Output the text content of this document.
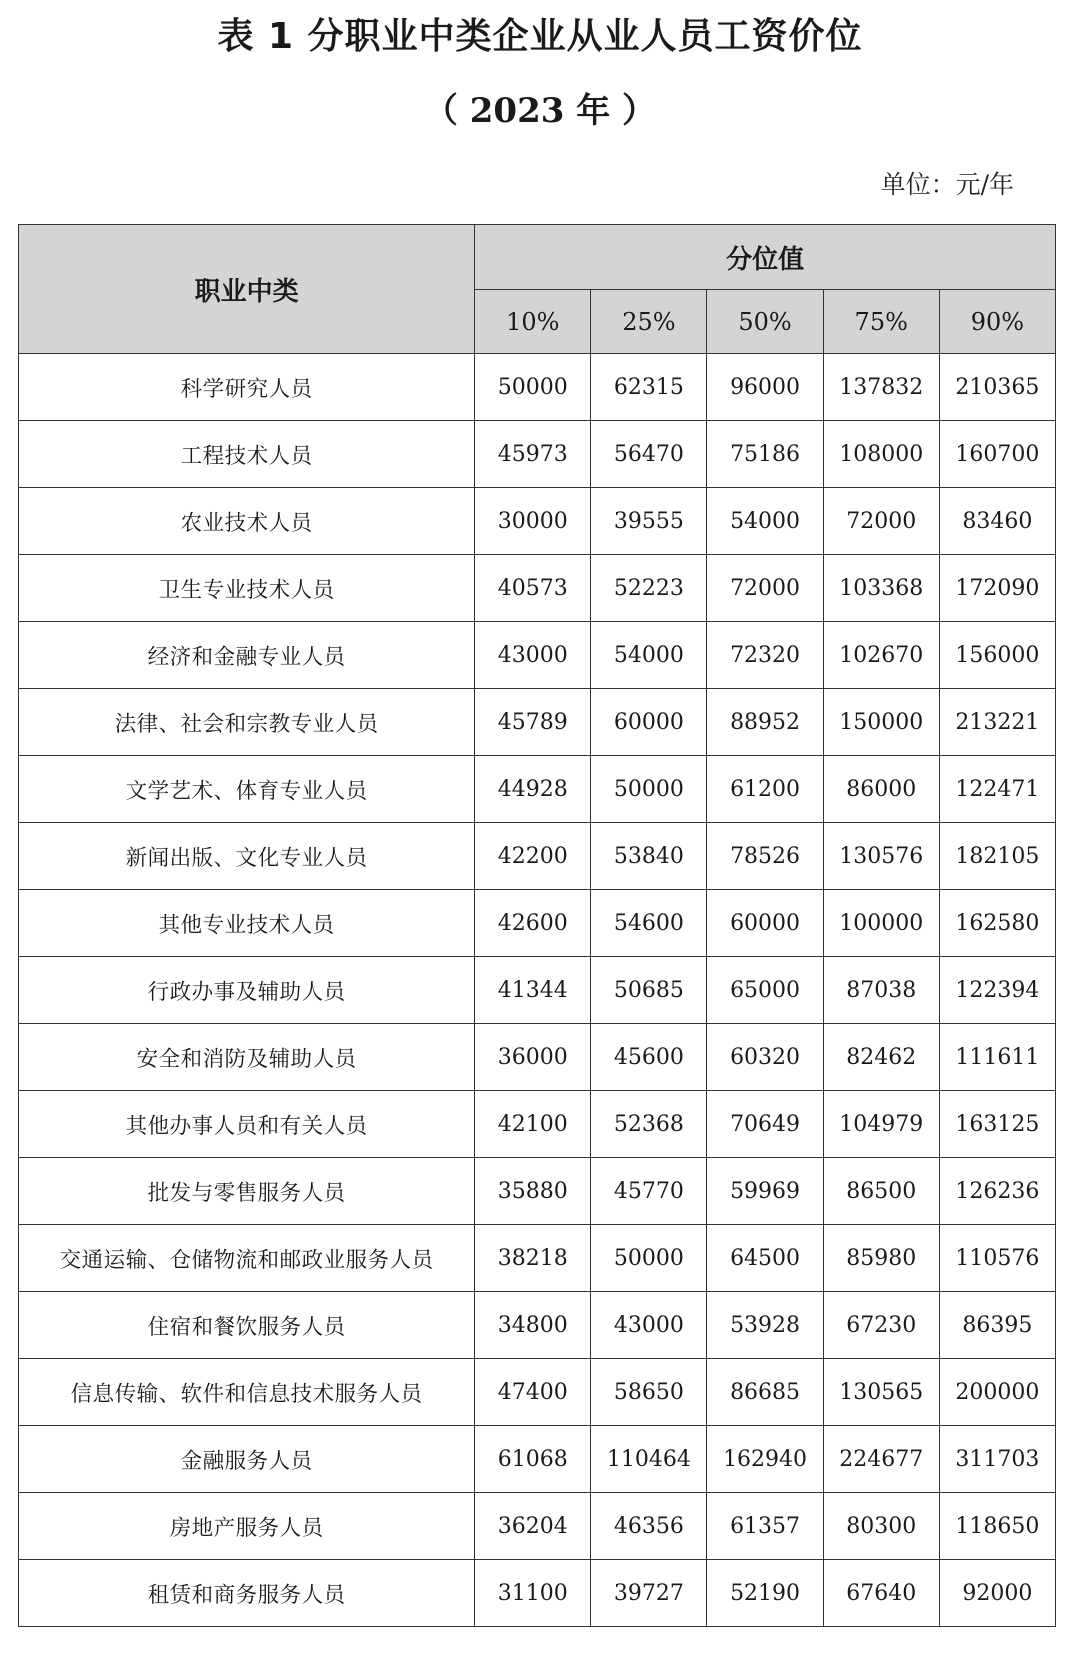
表 1 分职业中类企业从业人员工资价位
（ 2023 年 ）
单位：元/年
职业中类	分位值				
	10%	25%	50%	75%	90%
科学研究人员	50000	62315	96000	137832	210365
工程技术人员	45973	56470	75186	108000	160700
农业技术人员	30000	39555	54000	72000	83460
卫生专业技术人员	40573	52223	72000	103368	172090
经济和金融专业人员	43000	54000	72320	102670	156000
法律、社会和宗教专业人员	45789	60000	88952	150000	213221
文学艺术、体育专业人员	44928	50000	61200	86000	122471
新闻出版、文化专业人员	42200	53840	78526	130576	182105
其他专业技术人员	42600	54600	60000	100000	162580
行政办事及辅助人员	41344	50685	65000	87038	122394
安全和消防及辅助人员	36000	45600	60320	82462	111611
其他办事人员和有关人员	42100	52368	70649	104979	163125
批发与零售服务人员	35880	45770	59969	86500	126236
交通运输、仓储物流和邮政业服务人员	38218	50000	64500	85980	110576
住宿和餐饮服务人员	34800	43000	53928	67230	86395
信息传输、软件和信息技术服务人员	47400	58650	86685	130565	200000
金融服务人员	61068	110464	162940	224677	311703
房地产服务人员	36204	46356	61357	80300	118650
租赁和商务服务人员	31100	39727	52190	67640	92000
